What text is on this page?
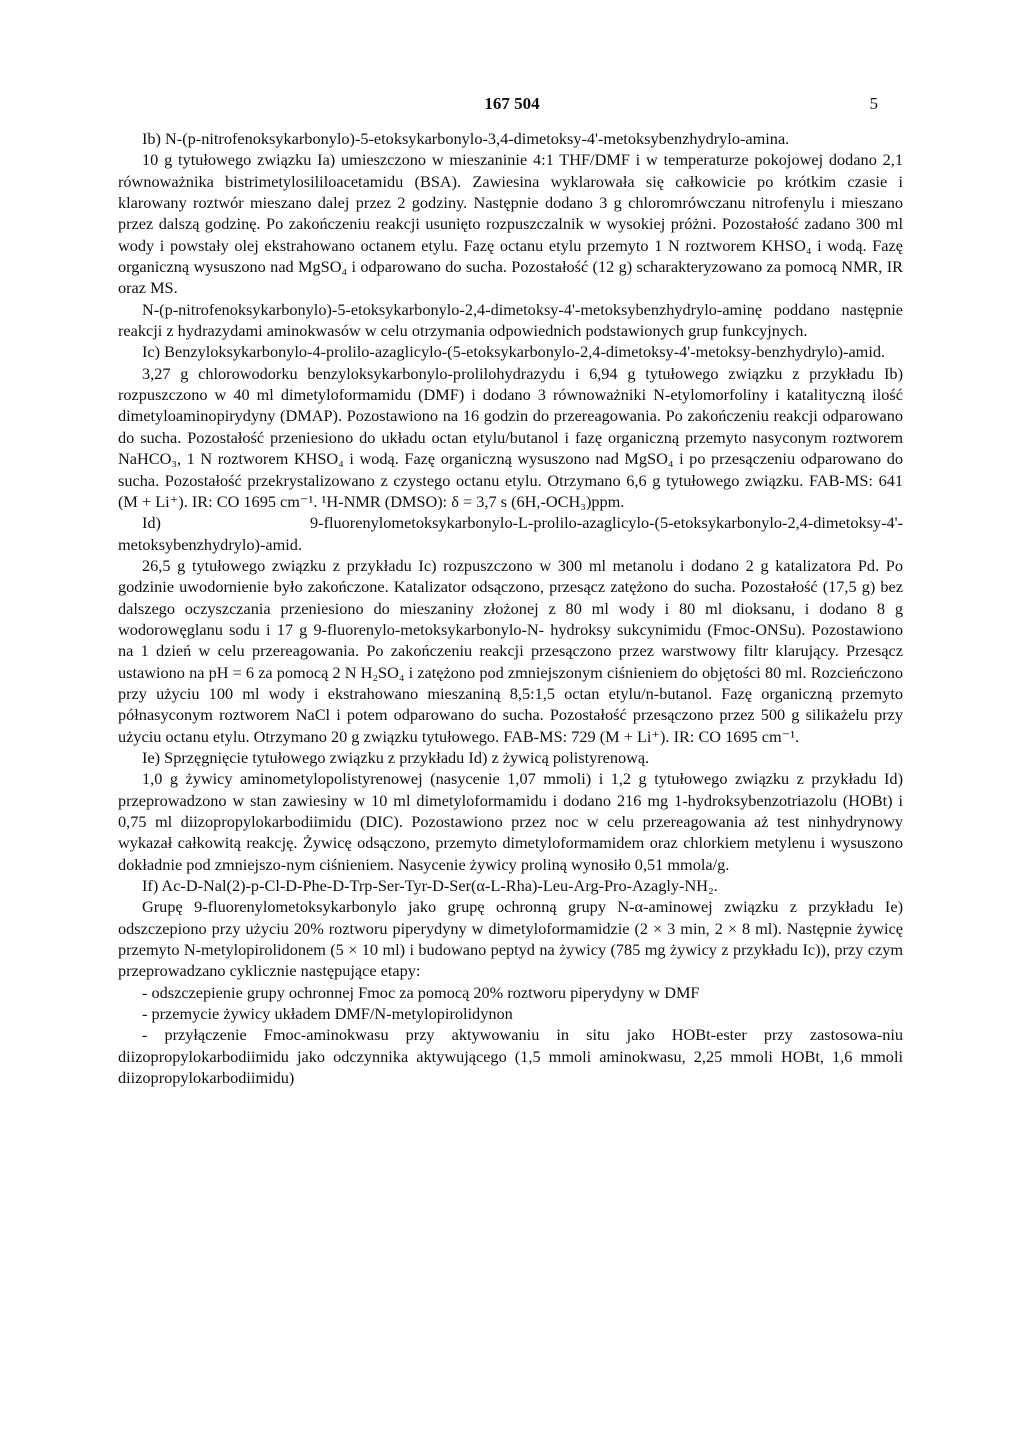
167 504	5

Ib) N-(p-nitrofenoksykarbonylo)-5-etoksykarbonylo-3,4-dimetoksy-4'-metoksybenzhydrylo-amina.

10 g tytułowego związku Ia) umieszczono w mieszaninie 4:1 THF/DMF i w temperaturze pokojowej dodano 2,1 równoważnika bistrimetylosililoacetamidu (BSA). Zawiesina wyklarowała się całkowicie po krótkim czasie i klarowany roztwór mieszano dalej przez 2 godziny. Następnie dodano 3 g chloromrówczanu nitrofenylu i mieszano przez dalszą godzinę. Po zakończeniu reakcji usunięto rozpuszczalnik w wysokiej próżni. Pozostałość zadano 300 ml wody i powstały olej ekstrahowano octanem etylu. Fazę octanu etylu przemyto 1 N roztworem KHSO₄ i wodą. Fazę organiczną wysuszono nad MgSO₄ i odparowano do sucha. Pozostałość (12 g) scharakteryzowano za pomocą NMR, IR oraz MS.

N-(p-nitrofenoksykarbonylo)-5-etoksykarbonylo-2,4-dimetoksy-4'-metoksybenzhydrylo-aminę poddano następnie reakcji z hydrazydami aminokwasów w celu otrzymania odpowiednich podstawionych grup funkcyjnych.

Ic) Benzyloksykarbonylo-4-prolilo-azaglicylo-(5-etoksykarbonylo-2,4-dimetoksy-4'-metoksy-benzhydrylo)-amid.

3,27 g chlorowodorku benzyloksykarbonylo-prolilohydrazydu i 6,94 g tytułowego związku z przykładu Ib) rozpuszczono w 40 ml dimetyloformamidu (DMF) i dodano 3 równoważniki N-etylomorfoliny i katalityczną ilość dimetyloaminopirydyny (DMAP). Pozostawiono na 16 godzin do przereagowania. Po zakończeniu reakcji odparowano do sucha. Pozostałość przeniesiono do układu octan etylu/butanol i fazę organiczną przemyto nasyconym roztworem NaHCO₃, 1 N roztworem KHSO₄ i wodą. Fazę organiczną wysuszono nad MgSO₄ i po przesączeniu odparowano do sucha. Pozostałość przekrystalizowano z czystego octanu etylu. Otrzymano 6,6 g tytułowego związku. FAB-MS: 641 (M + Li⁺). IR: CO 1695 cm⁻¹. ¹H-NMR (DMSO): δ = 3,7 s (6H,-OCH₃)ppm.

Id) 9-fluorenylometoksykarbonylo-L-prolilo-azaglicylo-(5-etoksykarbonylo-2,4-dimetoksy-4'-metoksybenzhydrylo)-amid.

26,5 g tytułowego związku z przykładu Ic) rozpuszczono w 300 ml metanolu i dodano 2 g katalizatora Pd. Po godzinie uwodornienie było zakończone. Katalizator odsączono, przesącz zatężono do sucha. Pozostałość (17,5 g) bez dalszego oczyszczania przeniesiono do mieszaniny złożonej z 80 ml wody i 80 ml dioksanu, i dodano 8 g wodorowęglanu sodu i 17 g 9-fluorenylo-metoksykarbonylo-N- hydroksy sukcynimidu (Fmoc-ONSu). Pozostawiono na 1 dzień w celu przereagowania. Po zakończeniu reakcji przesączono przez warstwowy filtr klarujący. Przesącz ustawiono na pH = 6 za pomocą 2 N H₂SO₄ i zatężono pod zmniejszonym ciśnieniem do objętości 80 ml. Rozcieńczono przy użyciu 100 ml wody i ekstrahowano mieszaniną 8,5:1,5 octan etylu/n-butanol. Fazę organiczną przemyto półnasyconym roztworem NaCl i potem odparowano do sucha. Pozostałość przesączono przez 500 g silikażelu przy użyciu octanu etylu. Otrzymano 20 g związku tytułowego. FAB-MS: 729 (M + Li⁺). IR: CO 1695 cm⁻¹.

Ie) Sprzęgnięcie tytułowego związku z przykładu Id) z żywicą polistyrenową.

1,0 g żywicy aminometylopolistyrenowej (nasycenie 1,07 mmoli) i 1,2 g tytułowego związku z przykładu Id) przeprowadzono w stan zawiesiny w 10 ml dimetyloformamidu i dodano 216 mg 1-hydroksybenzotriazolu (HOBt) i 0,75 ml diizopropylokarbodiimidu (DIC). Pozostawiono przez noc w celu przereagowania aż test ninhydrynowy wykazał całkowitą reakcję. Żywicę odsączono, przemyto dimetyloformamidem oraz chlorkiem metylenu i wysuszono dokładnie pod zmniejszo-nym ciśnieniem. Nasycenie żywicy proliną wynosiło 0,51 mmola/g.

If) Ac-D-Nal(2)-p-Cl-D-Phe-D-Trp-Ser-Tyr-D-Ser(α-L-Rha)-Leu-Arg-Pro-Azagly-NH₂.

Grupę 9-fluorenylometoksykarbonylo jako grupę ochronną grupy N-α-aminowej związku z przykładu Ie) odszczepiono przy użyciu 20% roztworu piperydyny w dimetyloformamidzie (2 × 3 min, 2 × 8 ml). Następnie żywicę przemyto N-metylopirolidonem (5 × 10 ml) i budowano peptyd na żywicy (785 mg żywicy z przykładu Ic)), przy czym przeprowadzano cyklicznie następujące etapy:

- odszczepienie grupy ochronnej Fmoc za pomocą 20% roztworu piperydyny w DMF

- przemycie żywicy układem DMF/N-metylopirolidynon

- przyłączenie Fmoc-aminokwasu przy aktywowaniu in situ jako HOBt-ester przy zastosowa-niu diizopropylokarbodiimidu jako odczynnika aktywującego (1,5 mmoli aminokwasu, 2,25 mmoli HOBt, 1,6 mmoli diizopropylokarbodiimidu)
